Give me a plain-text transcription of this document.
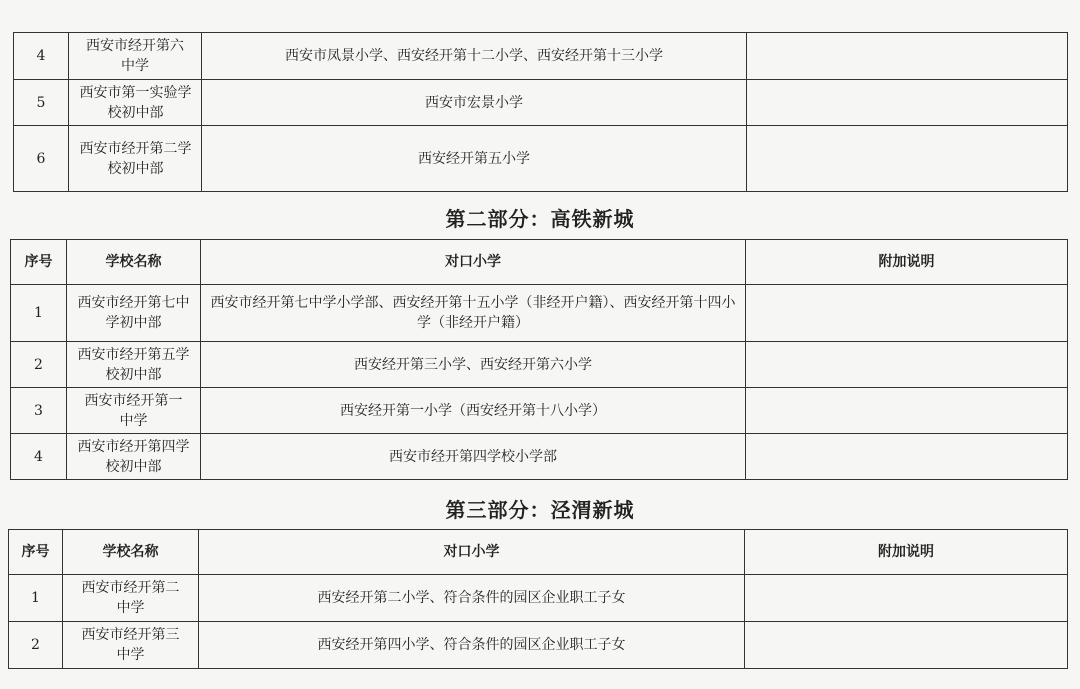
4	西安市经开第六中学	西安市凤景小学、西安经开第十二小学、西安经开第十三小学	
5	西安市第一实验学校初中部	西安市宏景小学	
6	西安市经开第二学校初中部	西安经开第五小学	
第二部分：高铁新城
序号	学校名称	对口小学	附加说明
1	西安市经开第七中学初中部	西安市经开第七中学小学部、西安经开第十五小学（非经开户籍）、西安经开第十四小学（非经开户籍）	

2	西安市经开第五学校初中部	西安经开第三小学、西安经开第六小学	
3	西安市经开第一中学	西安经开第一小学（西安经开第十八小学）	
4	西安市经开第四学校初中部	西安市经开第四学校小学部	
第三部分：泾渭新城
序号	学校名称	对口小学	附加说明
1	西安市经开第二中学	西安经开第二小学、符合条件的园区企业职工子女	
2	西安市经开第三中学	西安经开第四小学、符合条件的园区企业职工子女	
